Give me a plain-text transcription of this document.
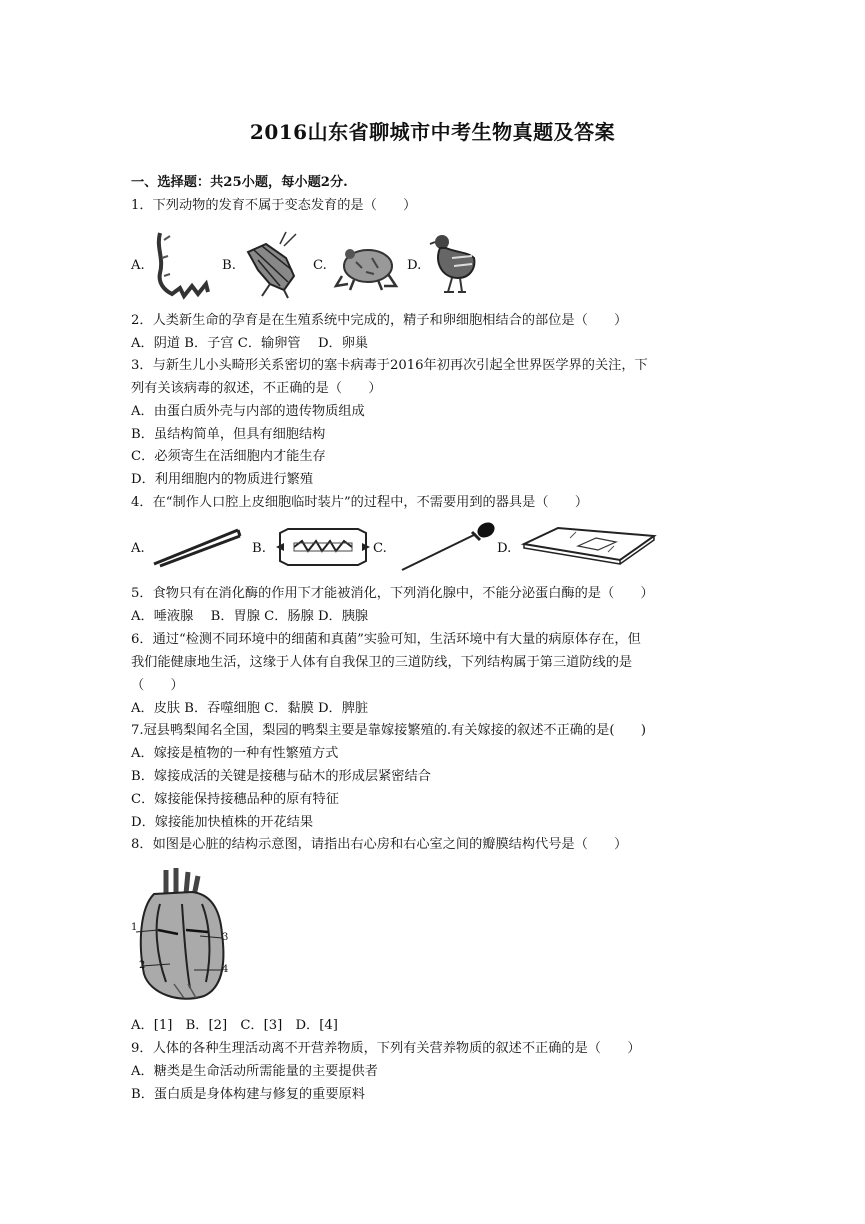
2016山东省聊城市中考生物真题及答案
一、选择题：共25小题，每小题2分.
1．下列动物的发育不属于变态发育的是（　　）
A.	B.	C.	D.
2．人类新生命的孕育是在生殖系统中完成的，精子和卵细胞相结合的部位是（　　）
A．阴道 B．子宫 C．输卵管　 D．卵巢
3．与新生儿小头畸形关系密切的塞卡病毒于2016年初再次引起全世界医学界的关注，下
列有关该病毒的叙述，不正确的是（　　）
A．由蛋白质外壳与内部的遗传物质组成
B．虽结构简单，但具有细胞结构
C．必须寄生在活细胞内才能生存
D．利用细胞内的物质进行繁殖
4．在“制作人口腔上皮细胞临时装片”的过程中，不需要用到的器具是（　　）
A.	B.	C.	D.
5．食物只有在消化酶的作用下才能被消化，下列消化腺中，不能分泌蛋白酶的是（　　）
A．唾液腺　 B．胃腺 C．肠腺 D．胰腺
6．通过“检测不同环境中的细菌和真菌”实验可知，生活环境中有大量的病原体存在，但
我们能健康地生活，这缘于人体有自我保卫的三道防线，下列结构属于第三道防线的是
（　　）
A．皮肤 B．吞噬细胞 C．黏膜 D．脾脏
7.冠县鸭梨闻名全国，梨园的鸭梨主要是靠嫁接繁殖的.有关嫁接的叙述不正确的是(　　)
A．嫁接是植物的一种有性繁殖方式
B．嫁接成活的关键是接穗与砧木的形成层紧密结合
C．嫁接能保持接穗品种的原有特征
D．嫁接能加快植株的开花结果
8．如图是心脏的结构示意图，请指出右心房和右心室之间的瓣膜结构代号是（　　）
1
2
3
4
A．[1]　B．[2]　C．[3]　D．[4]
9．人体的各种生理活动离不开营养物质，下列有关营养物质的叙述不正确的是（　　）
A．糖类是生命活动所需能量的主要提供者
B．蛋白质是身体构建与修复的重要原料
